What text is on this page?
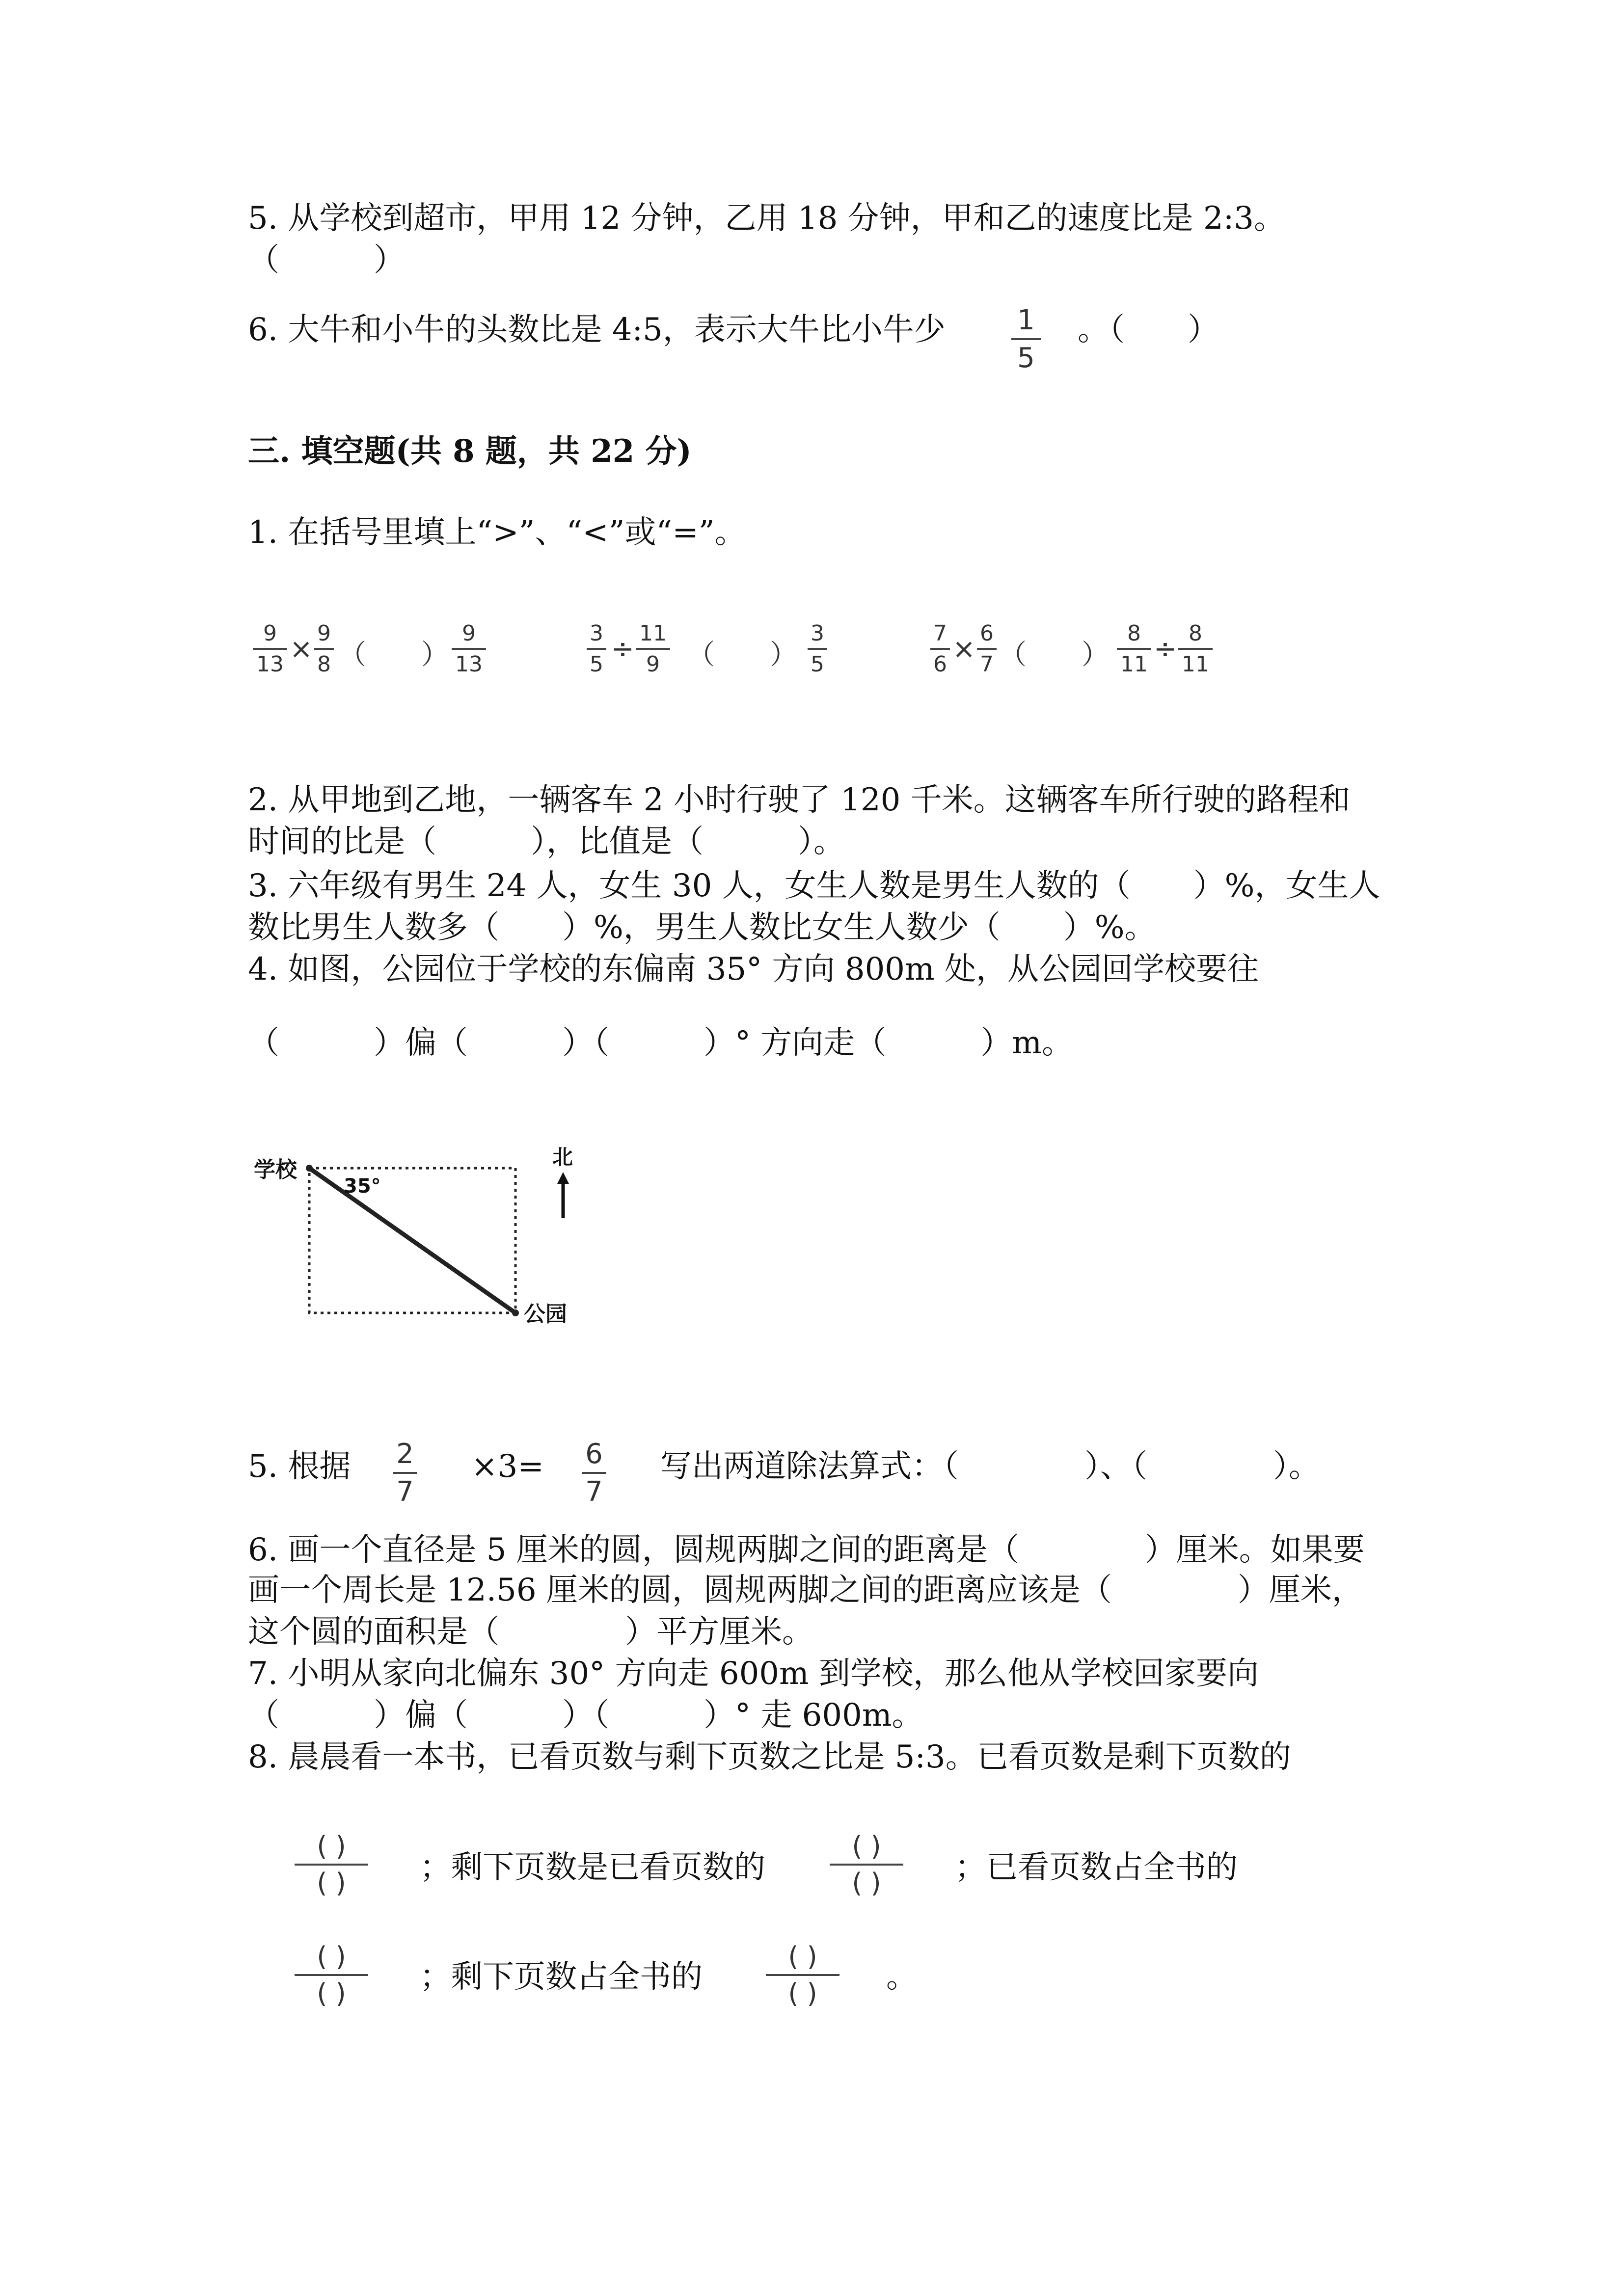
5. 从学校到超市，甲用 12 分钟，乙用 18 分钟，甲和乙的速度比是 2:3。
（　　　）
6. 大牛和小牛的头数比是 4:5，表示大牛比小牛少	1
5
。（　　）
三. 填空题(共 8 题，共 22 分)
1. 在括号里填上“>”、“<”或“=”。
9
13 × 9
8 （　　）
9
13
3
5 ÷ 11
9	（　　）
3
5
7
6 × 6
7 （　　）
8
11 ÷ 8
11
2. 从甲地到乙地，一辆客车 2 小时行驶了 120 千米。这辆客车所行驶的路程和
时间的比是（　　　），比值是（　　　）。
3. 六年级有男生 24 人，女生 30 人，女生人数是男生人数的（　　）%，女生人
数比男生人数多（　　）%，男生人数比女生人数少（　　）%。
4. 如图，公园位于学校的东偏南 35° 方向 800m 处，从公园回学校要往
（　　　）偏（　　　）（　　　）° 方向走（　　　）m。
学校
35°
公园
北
5. 根据 2
7
×3= 6
7
写出两道除法算式：（　　　　）、（　　　　）。
6. 画一个直径是 5 厘米的圆，圆规两脚之间的距离是（　　　　）厘米。如果要
画一个周长是 12.56 厘米的圆，圆规两脚之间的距离应该是（　　　　）厘米，
这个圆的面积是（　　　　）平方厘米。
7. 小明从家向北偏东 30° 方向走 600m 到学校，那么他从学校回家要向
（　　　）偏（　　　）（　　　）° 走 600m。
8. 晨晨看一本书，已看页数与剩下页数之比是 5:3。已看页数是剩下页数的
( )
( )	；剩下页数是已看页数的
( )
( )	；已看页数占全书的
( )
( )	；剩下页数占全书的
( )
( )	。
